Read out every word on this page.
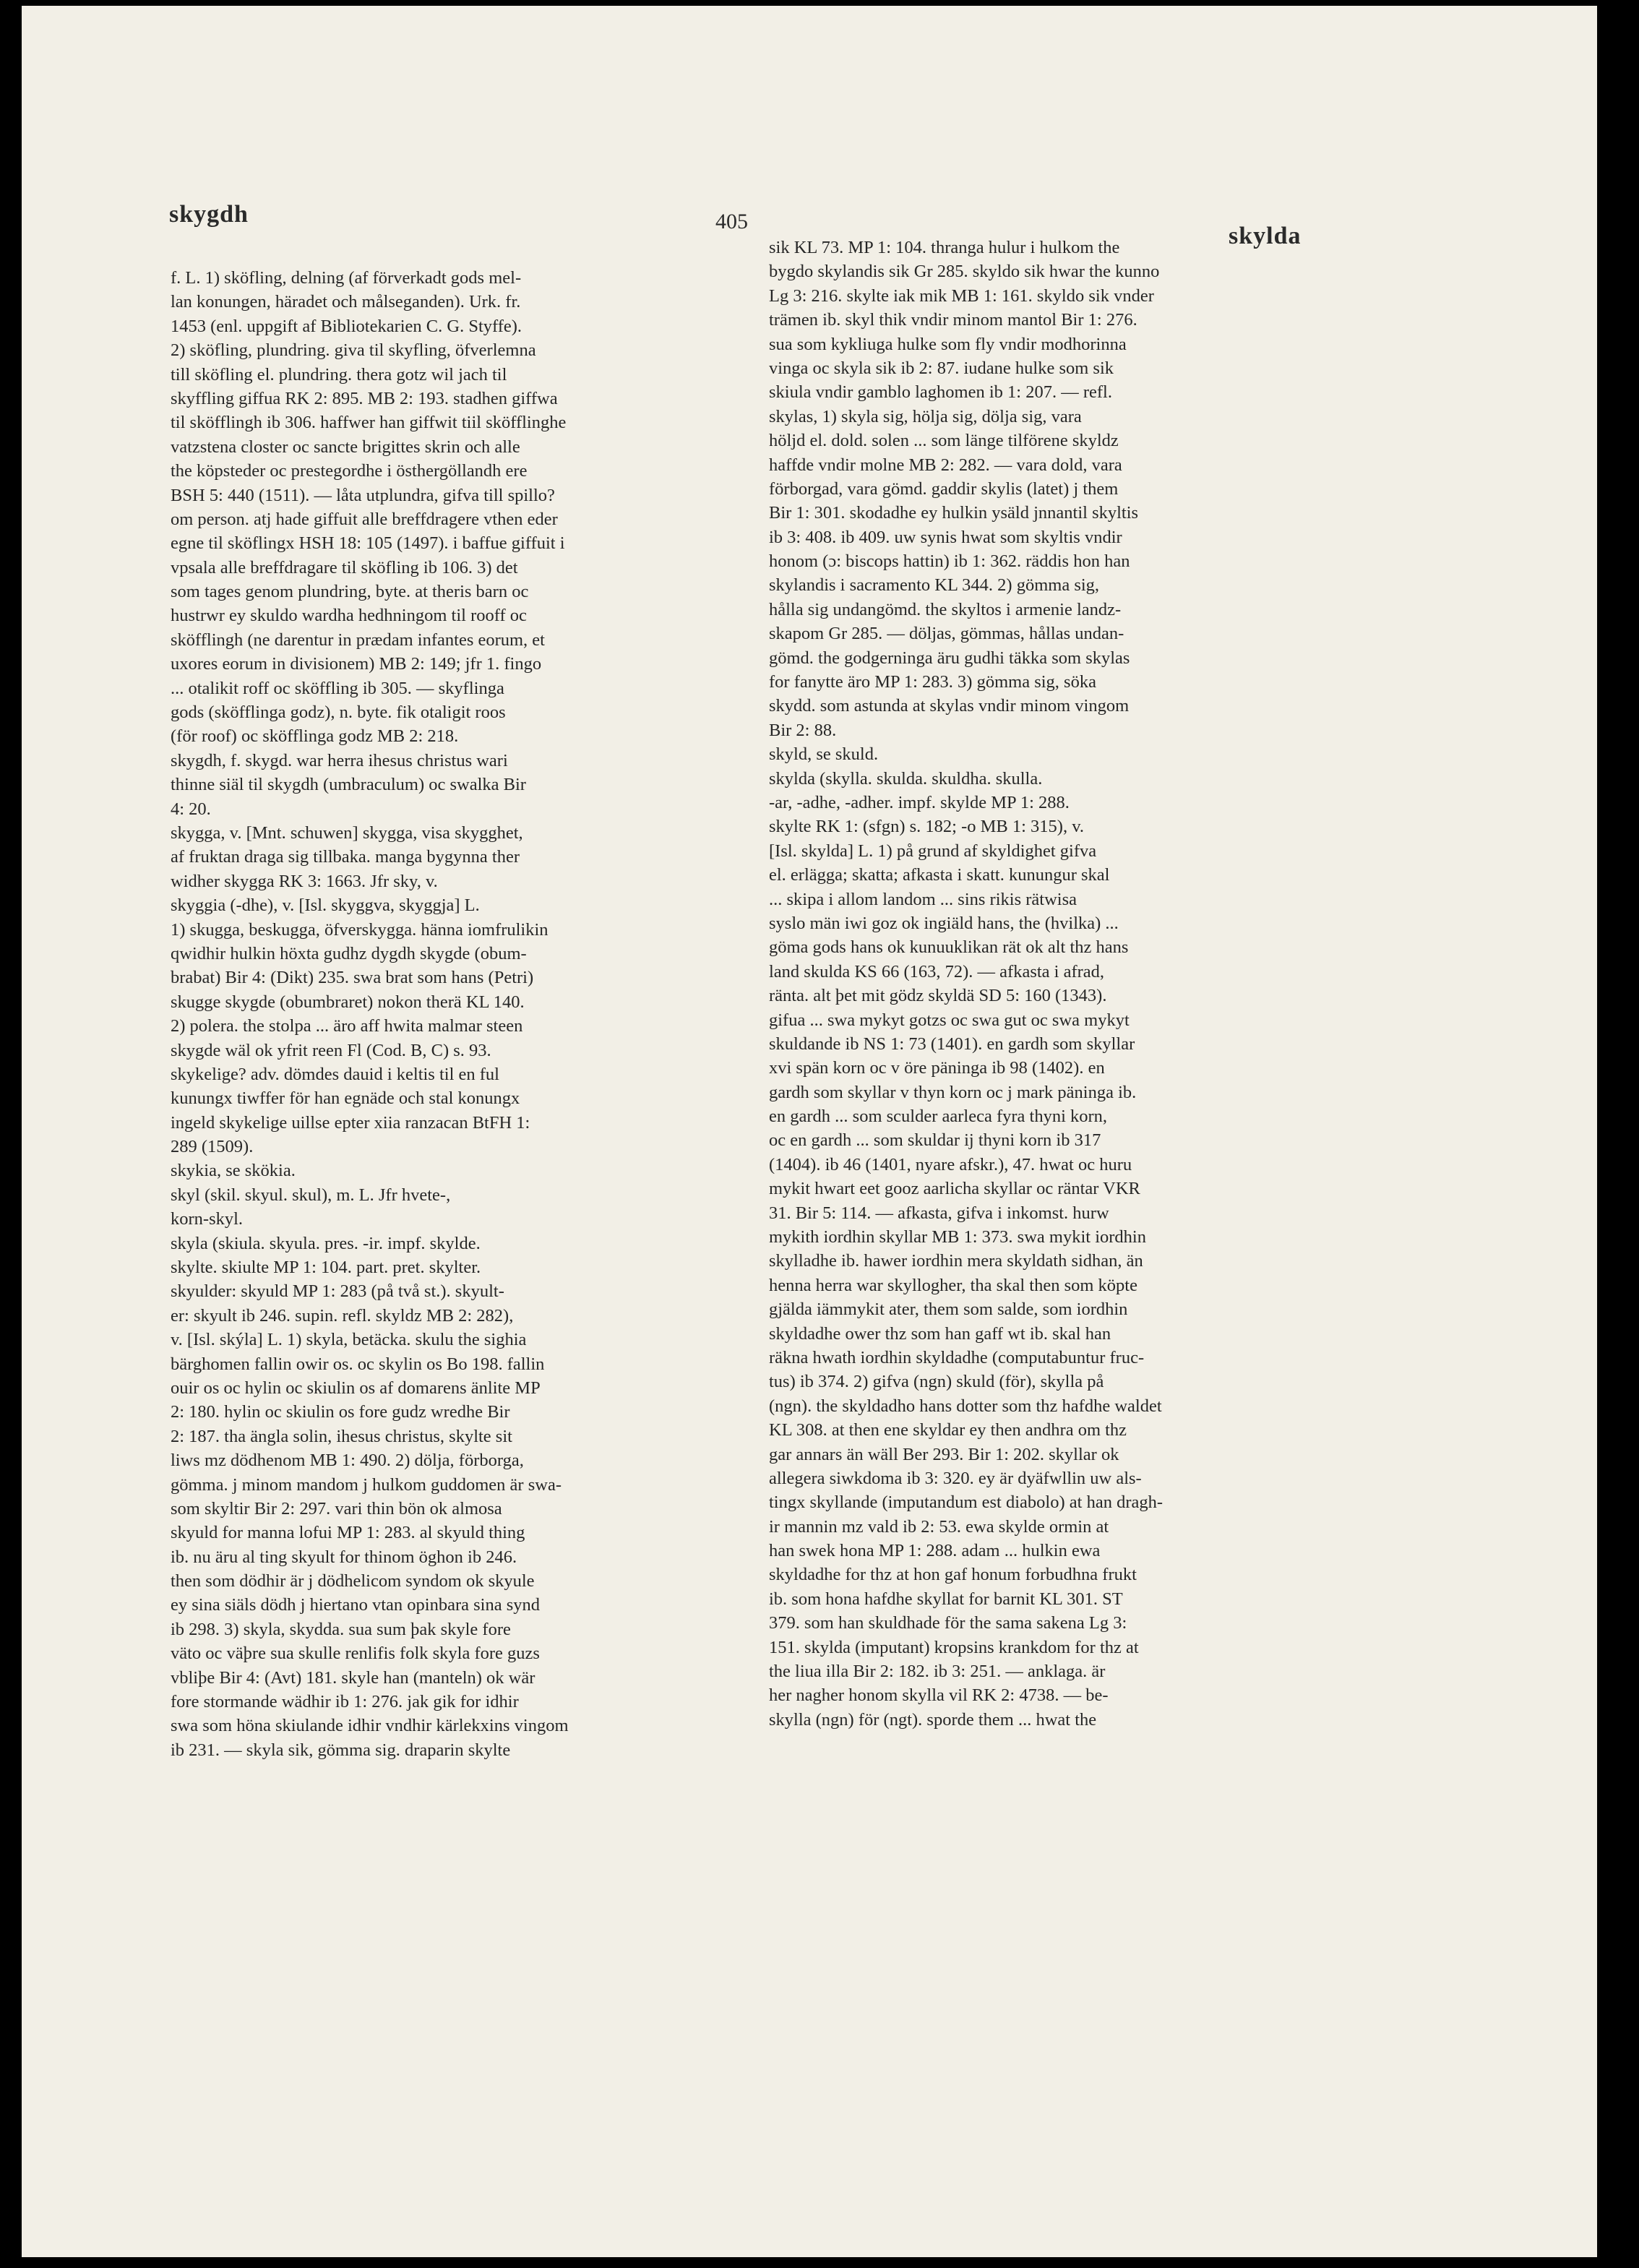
skygdh	405
skylda
f. L. 1) sköfling, delning (af förverkadt gods mel-
lan konungen, häradet och målseganden). Urk. fr.
1453 (enl. uppgift af Bibliotekarien C. G. Styffe).
2) sköfling, plundring. giva til skyfling, öfverlemna
till sköfling el. plundring. thera gotz wil jach til
skyffling giffua RK 2: 895. MB 2: 193. stadhen giffwa
til sköfflingh ib 306. haffwer han giffwit tiil sköfflinghe
vatzstena closter oc sancte brigittes skrin och alle
the köpsteder oc prestegordhe i östhergöllandh ere
BSH 5: 440 (1511). — låta utplundra, gifva till spillo?
om person. atj hade giffuit alle breffdragere vthen eder
egne til sköflingx HSH 18: 105 (1497). i baffue giffuit i
vpsala alle breffdragare til sköfling ib 106. 3) det
som tages genom plundring, byte. at theris barn oc
hustrwr ey skuldo wardha hedhningom til rooff oc
sköfflingh (ne darentur in prædam infantes eorum, et
uxores eorum in divisionem) MB 2: 149; jfr 1. fingo
... otalikit roff oc sköffling ib 305. — skyflinga
gods (sköfflinga godz), n. byte. fik otaligit roos
(för roof) oc sköfflinga godz MB 2: 218.
skygdh, f. skygd. war herra ihesus christus wari
thinne siäl til skygdh (umbraculum) oc swalka Bir
4: 20.
skygga, v. [Mnt. schuwen] skygga, visa skygghet,
af fruktan draga sig tillbaka. manga bygynna ther
widher skygga RK 3: 1663. Jfr sky, v.
skyggia (-dhe), v. [Isl. skyggva, skyggja] L.
1) skugga, beskugga, öfverskygga. hänna iomfrulikin
qwidhir hulkin höxta gudhz dygdh skygde (obum-
brabat) Bir 4: (Dikt) 235. swa brat som hans (Petri)
skugge skygde (obumbraret) nokon therä KL 140.
2) polera. the stolpa ... äro aff hwita malmar steen
skygde wäl ok yfrit reen Fl (Cod. B, C) s. 93.
skykelige? adv. dömdes dauid i keltis til en ful
kunungx tiwffer för han egnäde och stal konungx
ingeld skykelige uillse epter xiia ranzacan BtFH 1:
289 (1509).
skykia, se skökia.
skyl (skil. skyul. skul), m. L. Jfr hvete-,
korn-skyl.
skyla (skiula. skyula. pres. -ir. impf. skylde.
skylte. skiulte MP 1: 104. part. pret. skylter.
skyulder: skyuld MP 1: 283 (på två st.). skyult-
er: skyult ib 246. supin. refl. skyldz MB 2: 282),
v. [Isl. skýla] L. 1) skyla, betäcka. skulu the sighia
bärghomen fallin owir os. oc skylin os Bo 198. fallin
ouir os oc hylin oc skiulin os af domarens änlite MP
2: 180. hylin oc skiulin os fore gudz wredhe Bir
2: 187. tha ängla solin, ihesus christus, skylte sit
liws mz dödhenom MB 1: 490. 2) dölja, förborga,
gömma. j minom mandom j hulkom guddomen är swa-
som skyltir Bir 2: 297. vari thin bön ok almosa
skyuld for manna lofui MP 1: 283. al skyuld thing
ib. nu äru al ting skyult for thinom öghon ib 246.
then som dödhir är j dödhelicom syndom ok skyule
ey sina siäls dödh j hiertano vtan opinbara sina synd
ib 298. 3) skyla, skydda. sua sum þak skyle fore
väto oc väþre sua skulle renlifis folk skyla fore guzs
vbliþe Bir 4: (Avt) 181. skyle han (manteln) ok wär
fore stormande wädhir ib 1: 276. jak gik for idhir
swa som höna skiulande idhir vndhir kärlekxins vingom
ib 231. — skyla sik, gömma sig. draparin skylte
sik KL 73. MP 1: 104. thranga hulur i hulkom the
bygdo skylandis sik Gr 285. skyldo sik hwar the kunno
Lg 3: 216. skylte iak mik MB 1: 161. skyldo sik vnder
trämen ib. skyl thik vndir minom mantol Bir 1: 276.
sua som kykliuga hulke som fly vndir modhorinna
vinga oc skyla sik ib 2: 87. iudane hulke som sik
skiula vndir gamblo laghomen ib 1: 207. — refl.
skylas, 1) skyla sig, hölja sig, dölja sig, vara
höljd el. dold. solen ... som länge tilförene skyldz
haffde vndir molne MB 2: 282. — vara dold, vara
förborgad, vara gömd. gaddir skylis (latet) j them
Bir 1: 301. skodadhe ey hulkin ysäld jnnantil skyltis
ib 3: 408. ib 409. uw synis hwat som skyltis vndir
honom (ɔ: biscops hattin) ib 1: 362. räddis hon han
skylandis i sacramento KL 344. 2) gömma sig,
hålla sig undangömd. the skyltos i armenie landz-
skapom Gr 285. — döljas, gömmas, hållas undan-
gömd. the godgerninga äru gudhi täkka som skylas
for fanytte äro MP 1: 283. 3) gömma sig, söka
skydd. som astunda at skylas vndir minom vingom
Bir 2: 88.
skyld, se skuld.
skylda (skylla. skulda. skuldha. skulla.
-ar, -adhe, -adher. impf. skylde MP 1: 288.
skylte RK 1: (sfgn) s. 182; -o MB 1: 315), v.
[Isl. skylda] L. 1) på grund af skyldighet gifva
el. erlägga; skatta; afkasta i skatt. kunungur skal
... skipa i allom landom ... sins rikis rätwisa
syslo män iwi goz ok ingiäld hans, the (hvilka) ...
göma gods hans ok kunuuklikan rät ok alt thz hans
land skulda KS 66 (163, 72). — afkasta i afrad,
ränta. alt þet mit gödz skyldä SD 5: 160 (1343).
gifua ... swa mykyt gotzs oc swa gut oc swa mykyt
skuldande ib NS 1: 73 (1401). en gardh som skyllar
xvi spän korn oc v öre päninga ib 98 (1402). en
gardh som skyllar v thyn korn oc j mark päninga ib.
en gardh ... som sculder aarleca fyra thyni korn,
oc en gardh ... som skuldar ij thyni korn ib 317
(1404). ib 46 (1401, nyare afskr.), 47. hwat oc huru
mykit hwart eet gooz aarlicha skyllar oc räntar VKR
31. Bir 5: 114. — afkasta, gifva i inkomst. hurw
mykith iordhin skyllar MB 1: 373. swa mykit iordhin
skylladhe ib. hawer iordhin mera skyldath sidhan, än
henna herra war skyllogher, tha skal then som köpte
gjälda iämmykit ater, them som salde, som iordhin
skyldadhe ower thz som han gaff wt ib. skal han
räkna hwath iordhin skyldadhe (computabuntur fruc-
tus) ib 374. 2) gifva (ngn) skuld (för), skylla på
(ngn). the skyldadho hans dotter som thz hafdhe waldet
KL 308. at then ene skyldar ey then andhra om thz
gar annars än wäll Ber 293. Bir 1: 202. skyllar ok
allegera siwkdoma ib 3: 320. ey är dyäfwllin uw als-
tingx skyllande (imputandum est diabolo) at han dragh-
ir mannin mz vald ib 2: 53. ewa skylde ormin at
han swek hona MP 1: 288. adam ... hulkin ewa
skyldadhe for thz at hon gaf honum forbudhna frukt
ib. som hona hafdhe skyllat for barnit KL 301. ST
379. som han skuldhade för the sama sakena Lg 3:
151. skylda (imputant) kropsins krankdom for thz at
the liua illa Bir 2: 182. ib 3: 251. — anklaga. är
her nagher honom skylla vil RK 2: 4738. — be-
skylla (ngn) för (ngt). sporde them ... hwat the
